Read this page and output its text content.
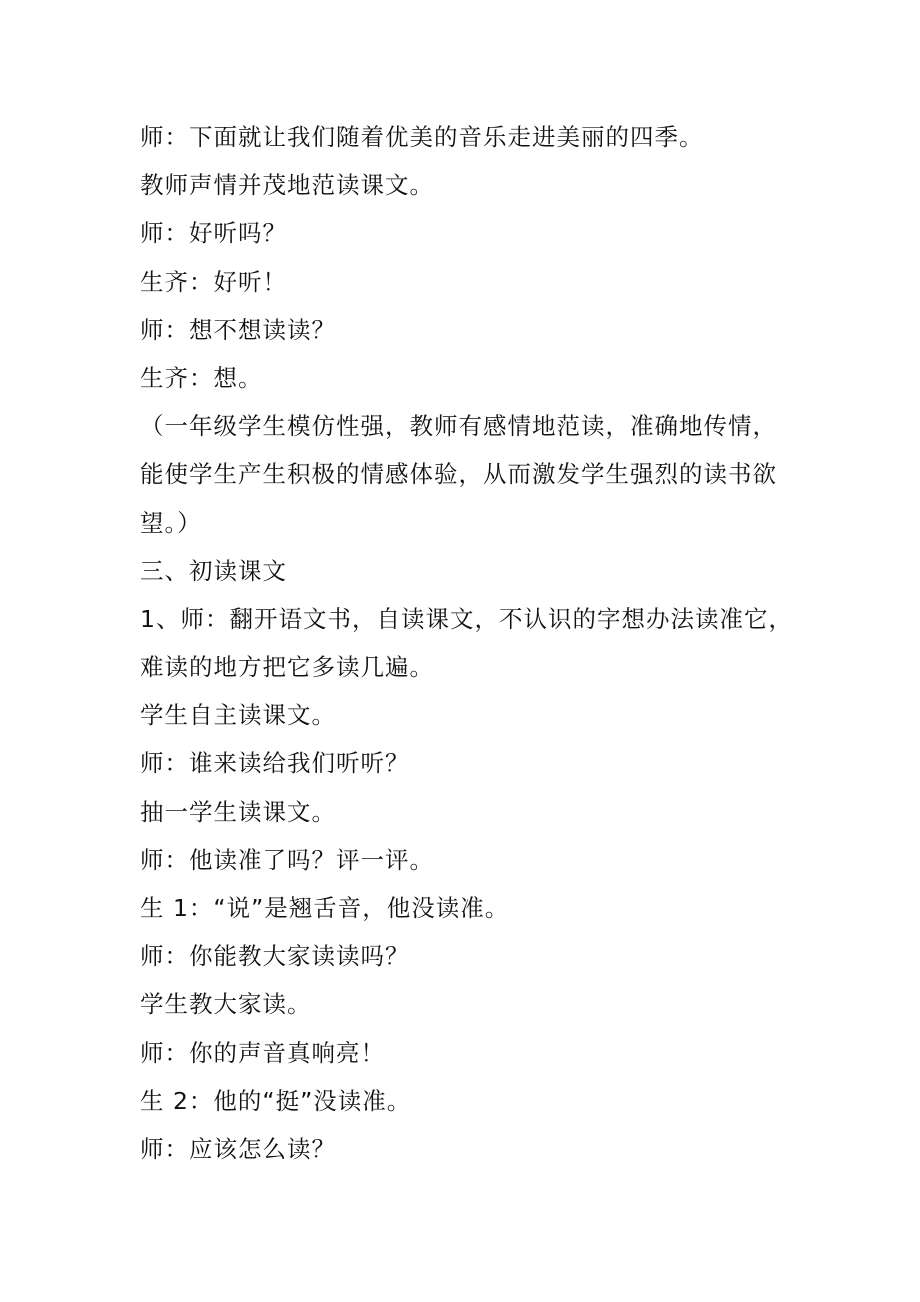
师：下面就让我们随着优美的音乐走进美丽的四季。
教师声情并茂地范读课文。
师：好听吗？
生齐：好听！
师：想不想读读？
生齐：想。
（一年级学生模仿性强，教师有感情地范读，准确地传情，
能使学生产生积极的情感体验，从而激发学生强烈的读书欲
望。）
三、初读课文
1、师：翻开语文书，自读课文，不认识的字想办法读准它，
难读的地方把它多读几遍。
学生自主读课文。
师：谁来读给我们听听？
抽一学生读课文。
师：他读准了吗？评一评。
生 1：“说”是翘舌音，他没读准。
师：你能教大家读读吗？
学生教大家读。
师：你的声音真响亮！
生 2：他的“挺”没读准。
师：应该怎么读？
